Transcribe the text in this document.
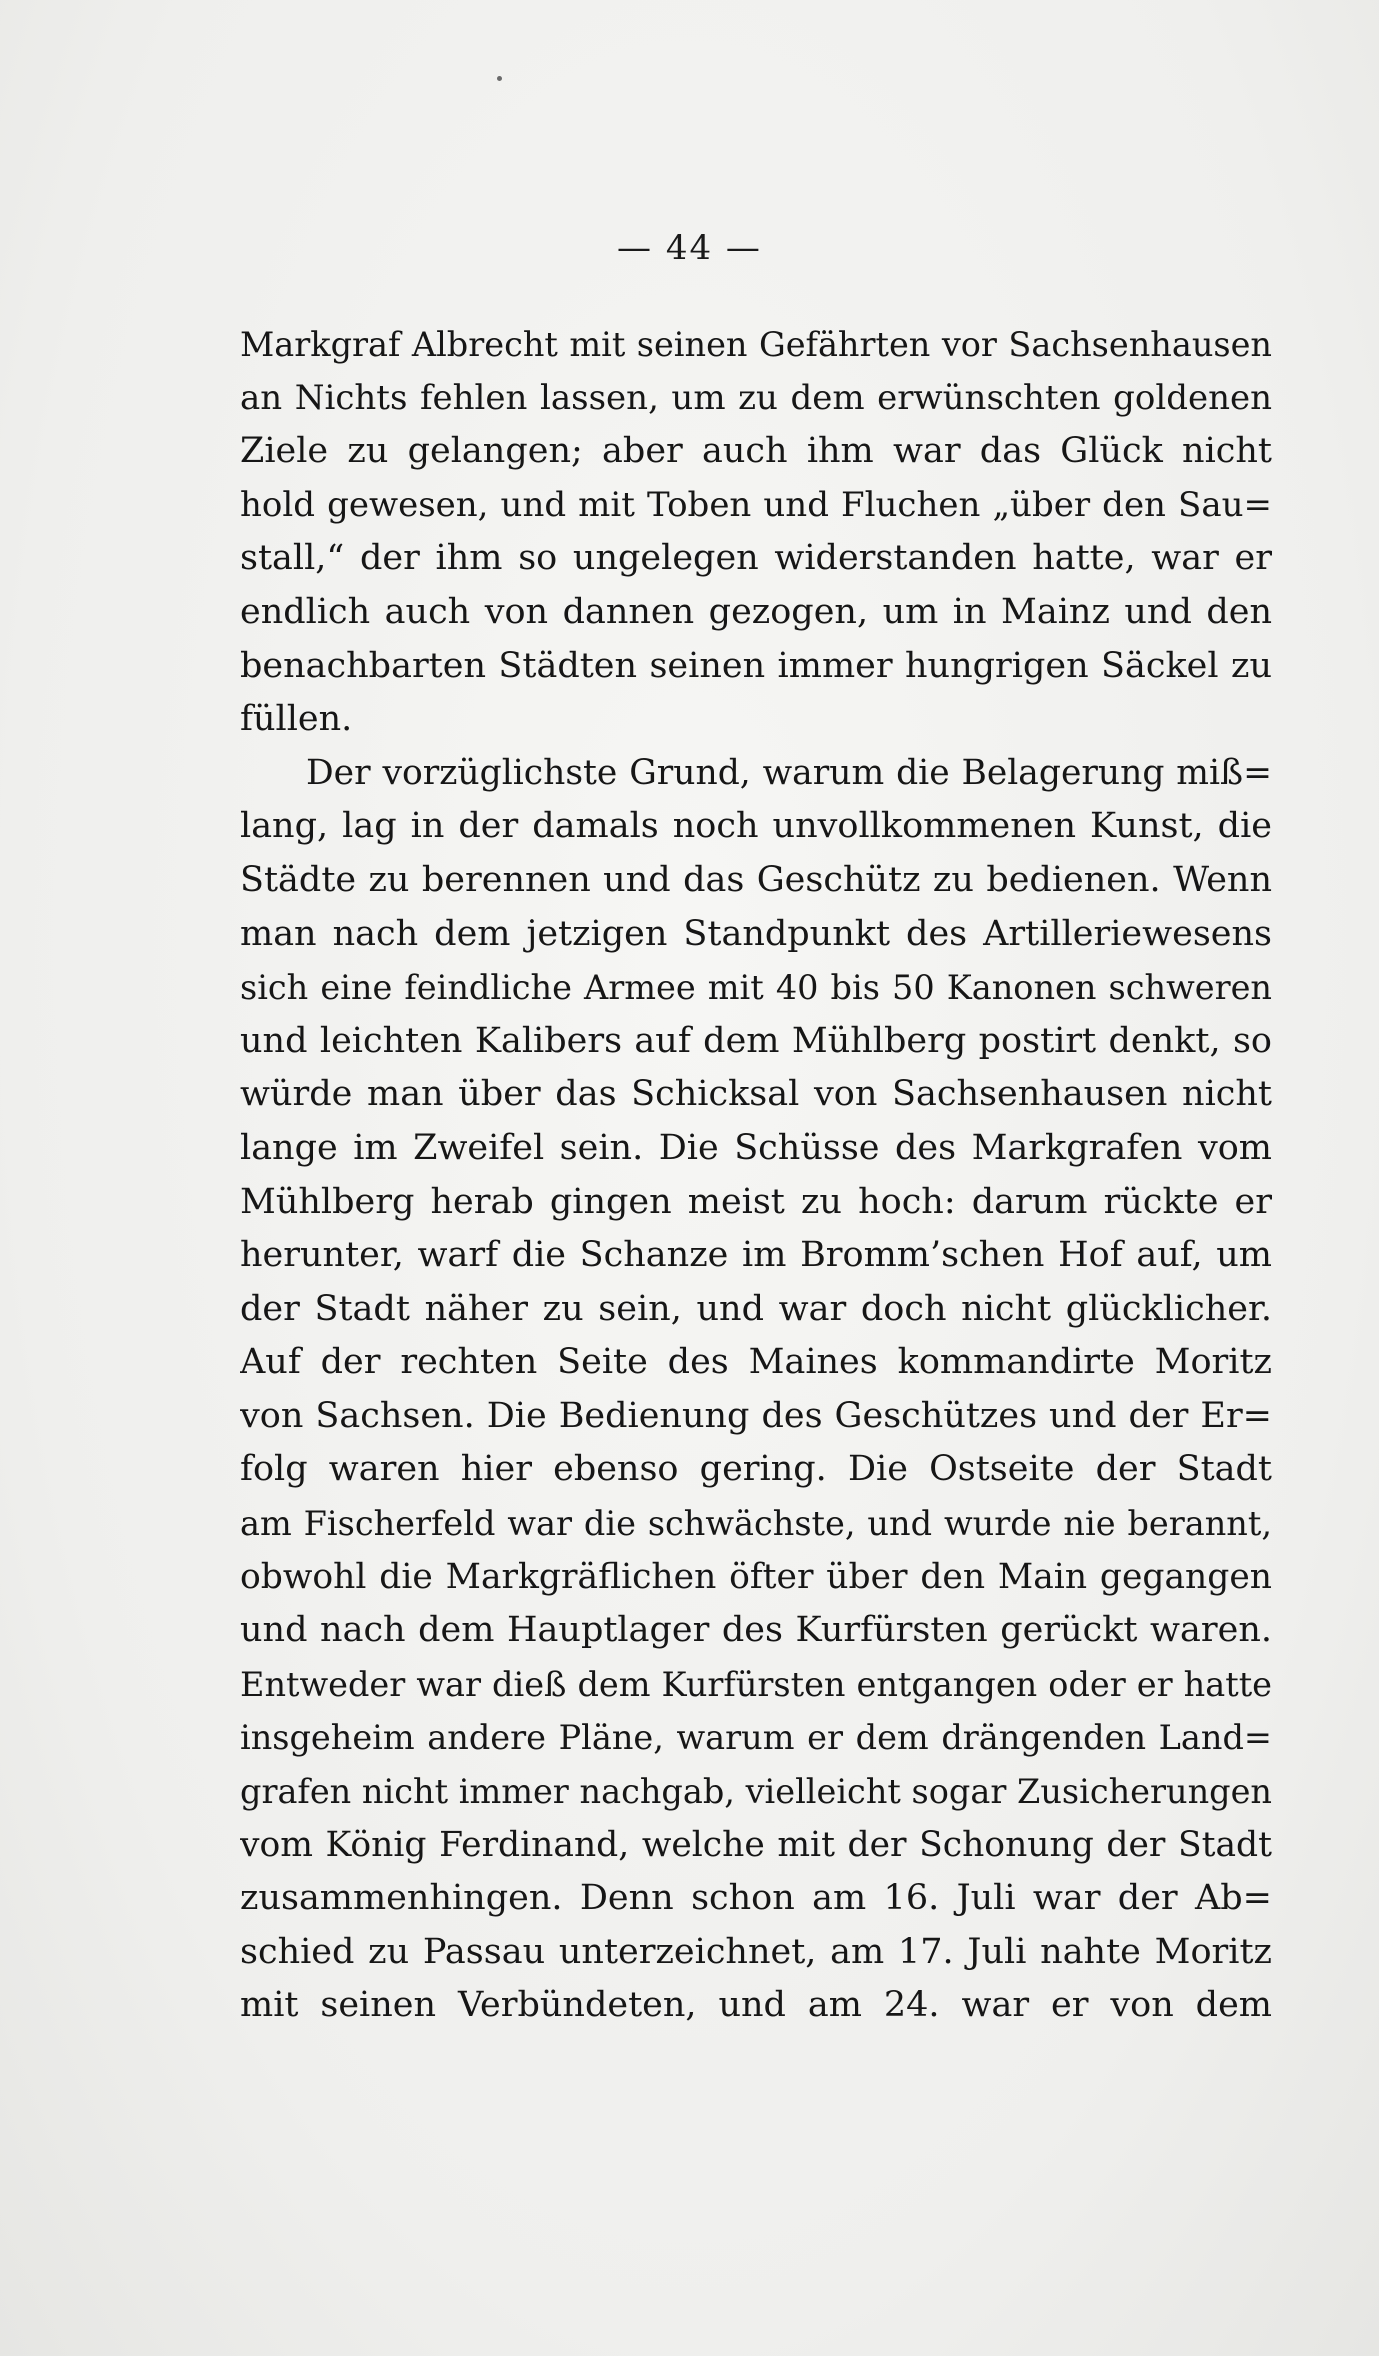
— 44 —
Markgraf Albrecht mit seinen Gefährten vor Sachsenhausen
an Nichts fehlen lassen, um zu dem erwünschten goldenen
Ziele zu gelangen; aber auch ihm war das Glück nicht
hold gewesen, und mit Toben und Fluchen „über den Sau=
stall,“ der ihm so ungelegen widerstanden hatte, war er
endlich auch von dannen gezogen, um in Mainz und den
benachbarten Städten seinen immer hungrigen Säckel zu
füllen.
Der vorzüglichste Grund, warum die Belagerung miß=
lang, lag in der damals noch unvollkommenen Kunst, die
Städte zu berennen und das Geschütz zu bedienen. Wenn
man nach dem jetzigen Standpunkt des Artilleriewesens
sich eine feindliche Armee mit 40 bis 50 Kanonen schweren
und leichten Kalibers auf dem Mühlberg postirt denkt, so
würde man über das Schicksal von Sachsenhausen nicht
lange im Zweifel sein. Die Schüsse des Markgrafen vom
Mühlberg herab gingen meist zu hoch: darum rückte er
herunter, warf die Schanze im Bromm’schen Hof auf, um
der Stadt näher zu sein, und war doch nicht glücklicher.
Auf der rechten Seite des Maines kommandirte Moritz
von Sachsen. Die Bedienung des Geschützes und der Er=
folg waren hier ebenso gering. Die Ostseite der Stadt
am Fischerfeld war die schwächste, und wurde nie berannt,
obwohl die Markgräflichen öfter über den Main gegangen
und nach dem Hauptlager des Kurfürsten gerückt waren.
Entweder war dieß dem Kurfürsten entgangen oder er hatte
insgeheim andere Pläne, warum er dem drängenden Land=
grafen nicht immer nachgab, vielleicht sogar Zusicherungen
vom König Ferdinand, welche mit der Schonung der Stadt
zusammenhingen. Denn schon am 16. Juli war der Ab=
schied zu Passau unterzeichnet, am 17. Juli nahte Moritz
mit seinen Verbündeten, und am 24. war er von dem
